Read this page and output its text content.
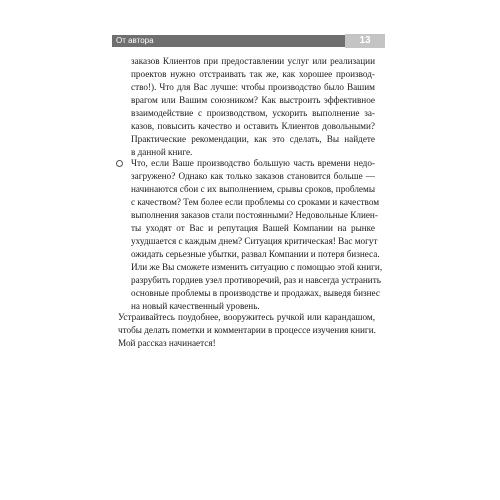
От автора	13
заказов Клиентов при предоставлении услуг или реализации
проектов нужно отстраивать так же, как хорошее производ-
ство!). Что для Вас лучше: чтобы производство было Вашим
врагом или Вашим союзником? Как выстроить эффективное
взаимодействие с производством, ускорить выполнение за-
казов, повысить качество и оставить Клиентов довольными?
Практические рекомендации, как это сделать, Вы найдете
в данной книге.
Что, если Ваше производство большую часть времени недо-
загружено? Однако как только заказов становится больше —
начинаются сбои с их выполнением, срывы сроков, проблемы
с качеством? Тем более если проблемы со сроками и качеством
выполнения заказов стали постоянными? Недовольные Клиен-
ты уходят от Вас и репутация Вашей Компании на рынке
ухудшается с каждым днем? Ситуация критическая! Вас могут
ожидать серьезные убытки, развал Компании и потеря бизнеса.
Или же Вы сможете изменить ситуацию с помощью этой книги,
разрубить гордиев узел противоречий, раз и навсегда устранить
основные проблемы в производстве и продажах, выведя бизнес
на новый качественный уровень.
Устраивайтесь поудобнее, вооружитесь ручкой или карандашом,
чтобы делать пометки и комментарии в процессе изучения книги.
Мой рассказ начинается!
